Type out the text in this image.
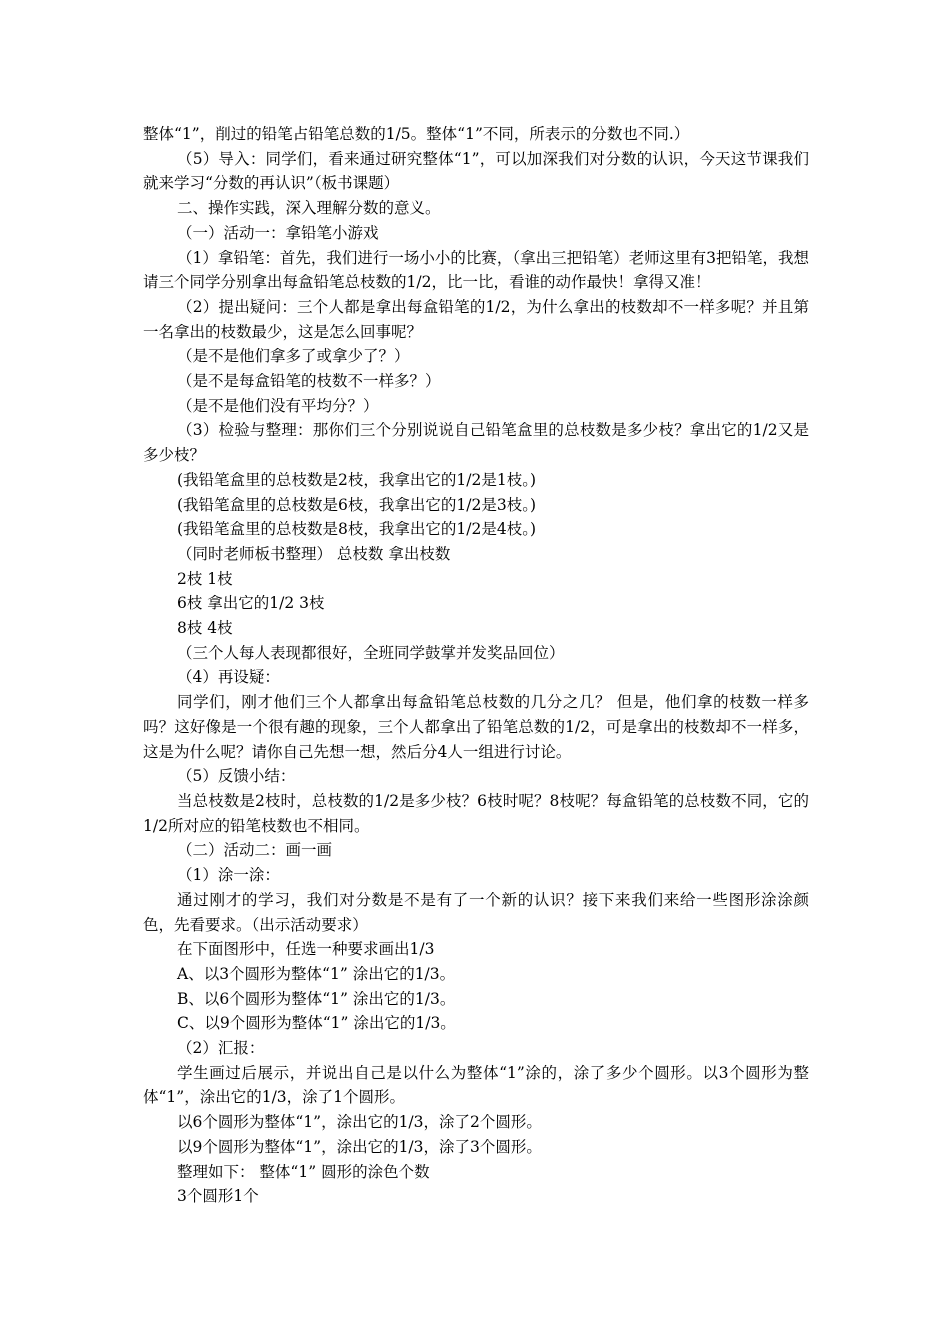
整体“1”，削过的铅笔占铅笔总数的1/5。整体“1”不同，所表示的分数也不同.）

（5）导入：同学们，看来通过研究整体“1”，可以加深我们对分数的认识，今天这节课我们就来学习“分数的再认识”（板书课题）

二、操作实践，深入理解分数的意义。

（一）活动一：拿铅笔小游戏

（1）拿铅笔：首先，我们进行一场小小的比赛，（拿出三把铅笔）老师这里有3把铅笔，我想请三个同学分别拿出每盒铅笔总枝数的1/2，比一比，看谁的动作最快！拿得又准！

（2）提出疑问：三个人都是拿出每盒铅笔的1/2，为什么拿出的枝数却不一样多呢？并且第一名拿出的枝数最少，这是怎么回事呢？

（是不是他们拿多了或拿少了？）

（是不是每盒铅笔的枝数不一样多？）

（是不是他们没有平均分？）

（3）检验与整理：那你们三个分别说说自己铅笔盒里的总枝数是多少枝？拿出它的1/2又是多少枝？

(我铅笔盒里的总枝数是2枝，我拿出它的1/2是1枝。)

(我铅笔盒里的总枝数是6枝，我拿出它的1/2是3枝。)

(我铅笔盒里的总枝数是8枝，我拿出它的1/2是4枝。)

（同时老师板书整理） 总枝数 拿出枝数

2枝 1枝

6枝 拿出它的1/2 3枝

8枝 4枝

（三个人每人表现都很好，全班同学鼓掌并发奖品回位）

（4）再设疑：

同学们，刚才他们三个人都拿出每盒铅笔总枝数的几分之几？ 但是，他们拿的枝数一样多吗？这好像是一个很有趣的现象，三个人都拿出了铅笔总数的1/2，可是拿出的枝数却不一样多，这是为什么呢？请你自己先想一想，然后分4人一组进行讨论。

（5）反馈小结：

当总枝数是2枝时，总枝数的1/2是多少枝？6枝时呢？8枝呢？每盒铅笔的总枝数不同，它的1/2所对应的铅笔枝数也不相同。

（二）活动二：画一画

（1）涂一涂：

通过刚才的学习，我们对分数是不是有了一个新的认识？接下来我们来给一些图形涂涂颜色，先看要求。（出示活动要求）

在下面图形中，任选一种要求画出1/3

A、以3个圆形为整体“1” 涂出它的1/3。

B、以6个圆形为整体“1” 涂出它的1/3。

C、以9个圆形为整体“1” 涂出它的1/3。

（2）汇报：

学生画过后展示，并说出自己是以什么为整体“1”涂的，涂了多少个圆形。以3个圆形为整体“1”，涂出它的1/3，涂了1个圆形。

以6个圆形为整体“1”，涂出它的1/3，涂了2个圆形。

以9个圆形为整体“1”，涂出它的1/3，涂了3个圆形。

整理如下： 整体“1” 圆形的涂色个数

3个圆形1个
